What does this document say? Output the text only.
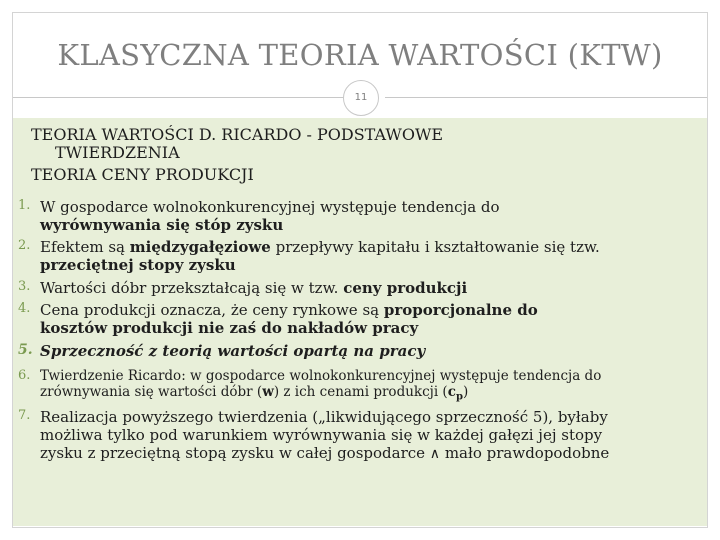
KLASYCZNA TEORIA WARTOŚCI (KTW)
11
TEORIA WARTOŚCI D. RICARDO - PODSTAWOWE
TWIERDZENIA
TEORIA CENY PRODUKCJI
1. W gospodarce wolnokonkurencyjnej występuje tendencja do
wyrównywania się stóp zysku
2. Efektem są międzygałęziowe przepływy kapitału i kształtowanie się tzw.
przeciętnej stopy zysku
3. Wartości dóbr przekształcają się w tzw. ceny produkcji
4. Cena produkcji oznacza, że ceny rynkowe są proporcjonalne do
kosztów produkcji nie zaś do nakładów pracy
5. Sprzeczność z teorią wartości opartą na pracy
6. Twierdzenie Ricardo: w gospodarce wolnokonkurencyjnej występuje tendencja do
zrównywania się wartości dóbr (w) z ich cenami produkcji $(c_p)$
7. Realizacja powyższego twierdzenia („likwidującego sprzeczność 5), byłaby
możliwa tylko pod warunkiem wyrównywania się w każdej gałęzi jej stopy
zysku z przeciętną stopą zysku w całej gospodarce ∧ mało prawdopodobne
